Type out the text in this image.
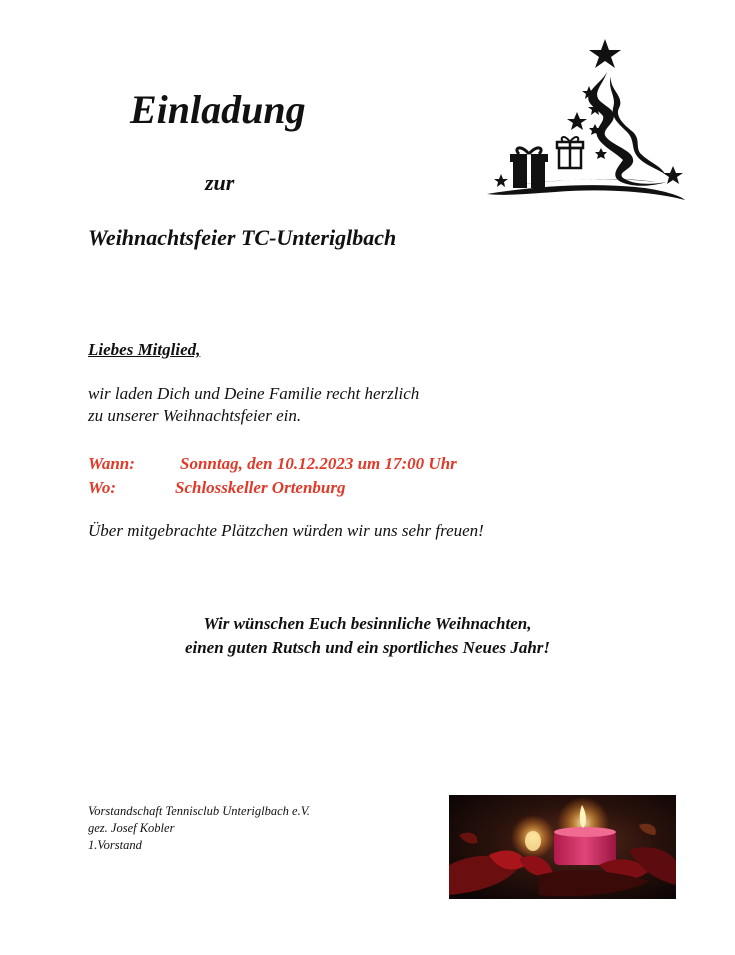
Einladung
zur
Weihnachtsfeier TC-Unteriglbach
Liebes Mitglied,
wir laden Dich und Deine Familie recht herzlich
zu unserer Weihnachtsfeier ein.
Wann:	Sonntag, den 10.12.2023 um 17:00 Uhr
Wo:	Schlosskeller Ortenburg
Über mitgebrachte Plätzchen würden wir uns sehr freuen!
Wir wünschen Euch besinnliche Weihnachten,
einen guten Rutsch und ein sportliches Neues Jahr!
Vorstandschaft Tennisclub Unteriglbach e.V.
gez. Josef Kobler
1.Vorstand
